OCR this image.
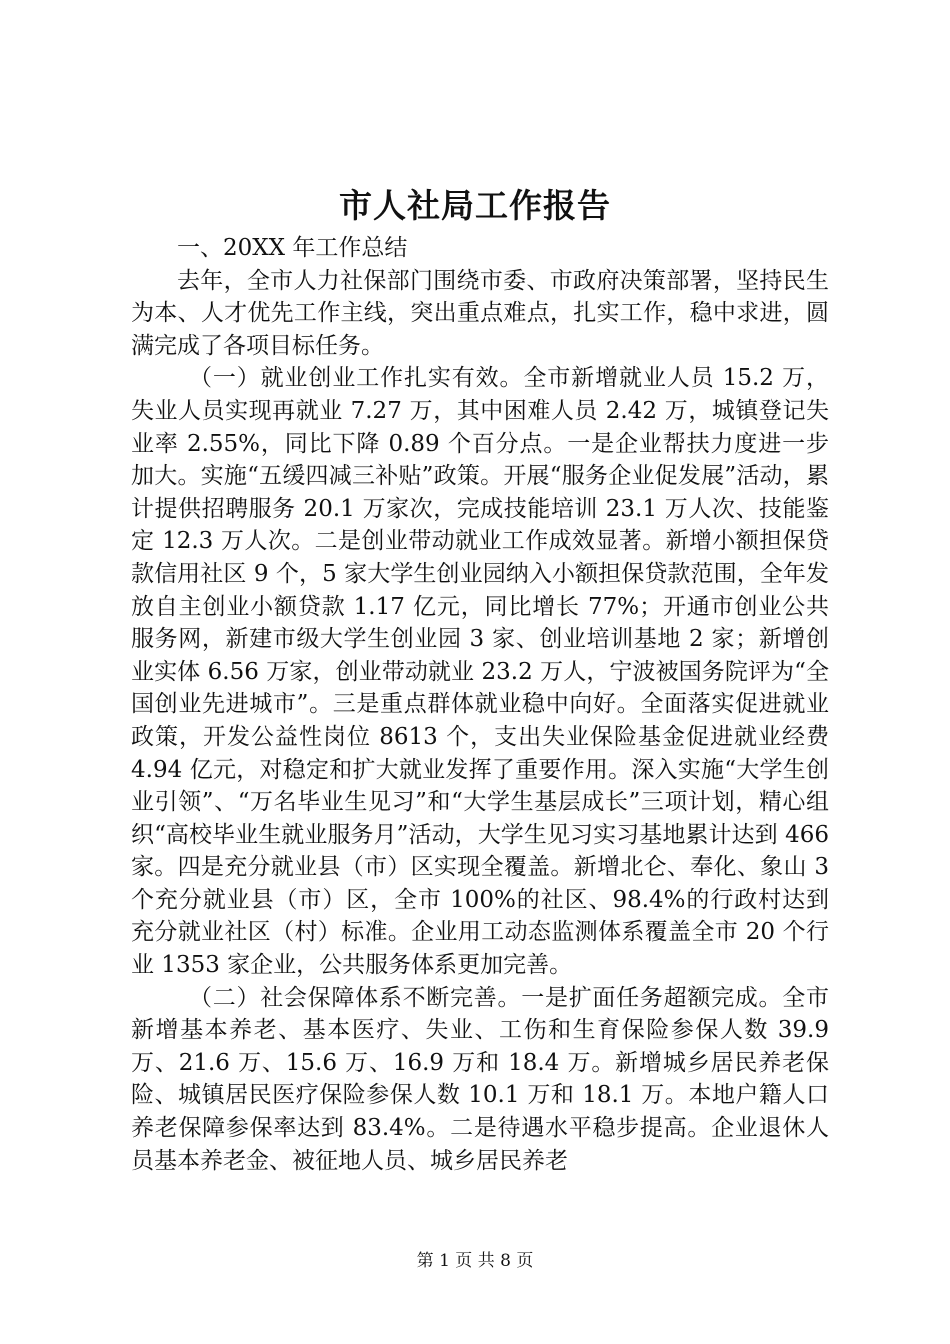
市人社局工作报告

一、20XX 年工作总结

去年，全市人力社保部门围绕市委、市政府决策部署，坚持民生为本、人才优先工作主线，突出重点难点，扎实工作，稳中求进，圆满完成了各项目标任务。

（一）就业创业工作扎实有效。全市新增就业人员 15.2 万，失业人员实现再就业 7.27 万，其中困难人员 2.42 万，城镇登记失业率 2.55%，同比下降 0.89 个百分点。一是企业帮扶力度进一步加大。实施“五缓四减三补贴”政策。开展“服务企业促发展”活动，累计提供招聘服务 20.1 万家次，完成技能培训 23.1 万人次、技能鉴定 12.3 万人次。二是创业带动就业工作成效显著。新增小额担保贷款信用社区 9 个，5 家大学生创业园纳入小额担保贷款范围，全年发放自主创业小额贷款 1.17 亿元，同比增长 77%；开通市创业公共服务网，新建市级大学生创业园 3 家、创业培训基地 2 家；新增创业实体 6.56 万家，创业带动就业 23.2 万人，宁波被国务院评为“全国创业先进城市”。三是重点群体就业稳中向好。全面落实促进就业政策，开发公益性岗位 8613 个，支出失业保险基金促进就业经费 4.94 亿元，对稳定和扩大就业发挥了重要作用。深入实施“大学生创业引领”、“万名毕业生见习”和“大学生基层成长”三项计划，精心组织“高校毕业生就业服务月”活动，大学生见习实习基地累计达到 466 家。四是充分就业县（市）区实现全覆盖。新增北仑、奉化、象山 3 个充分就业县（市）区，全市 100%的社区、98.4%的行政村达到充分就业社区（村）标准。企业用工动态监测体系覆盖全市 20 个行业 1353 家企业，公共服务体系更加完善。

（二）社会保障体系不断完善。一是扩面任务超额完成。全市新增基本养老、基本医疗、失业、工伤和生育保险参保人数 39.9 万、21.6 万、15.6 万、16.9 万和 18.4 万。新增城乡居民养老保险、城镇居民医疗保险参保人数 10.1 万和 18.1 万。本地户籍人口养老保障参保率达到 83.4%。二是待遇水平稳步提高。企业退休人员基本养老金、被征地人员、城乡居民养老

第 1 页 共 8 页
